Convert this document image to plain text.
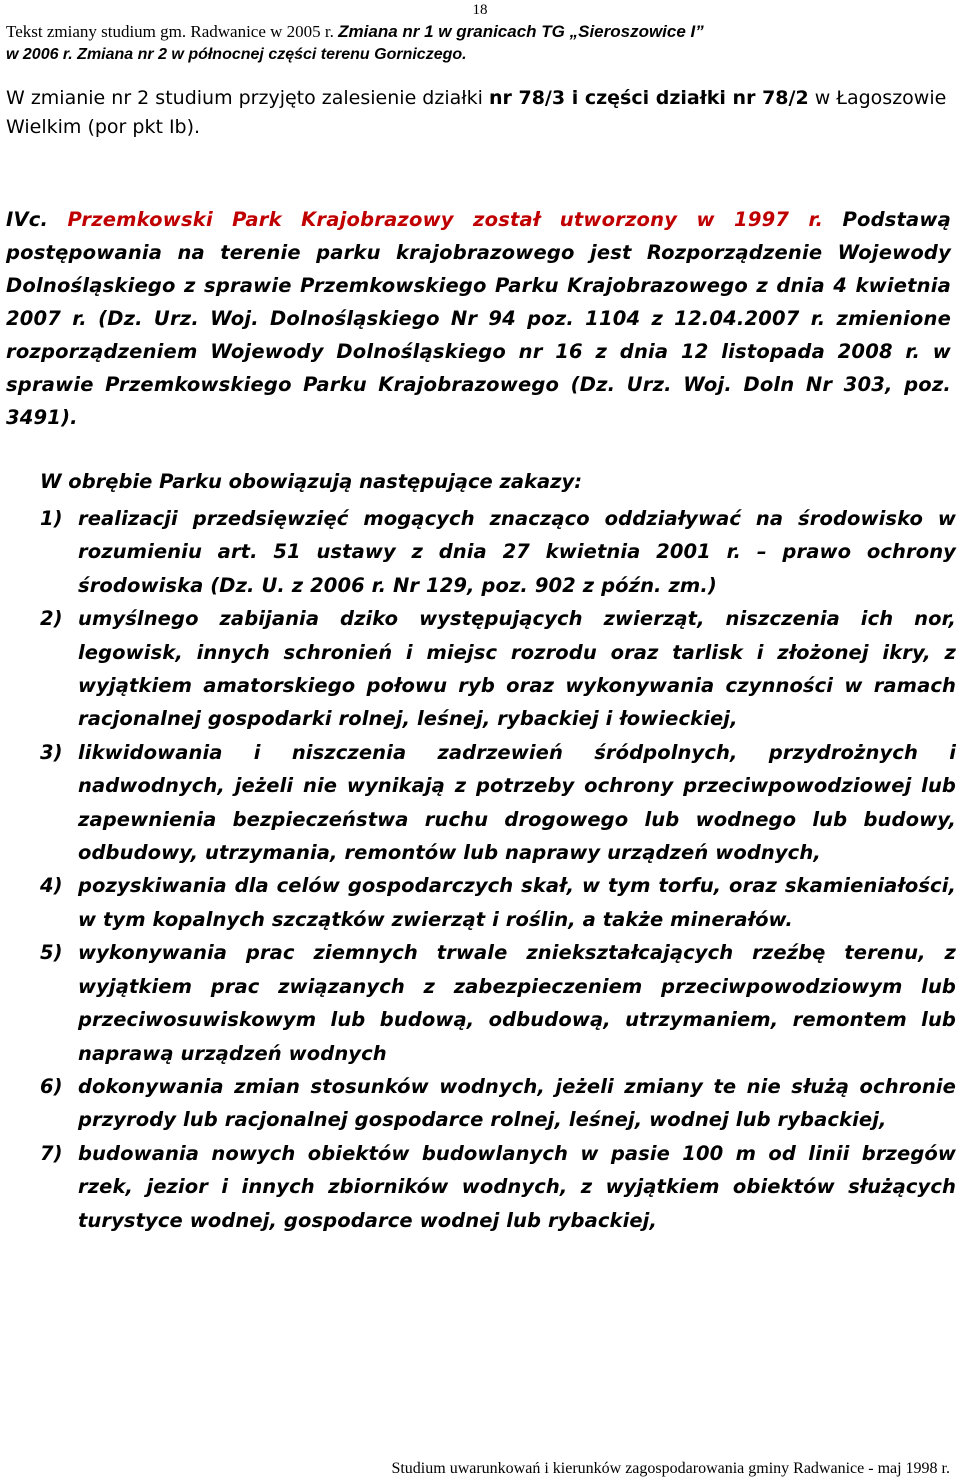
18
Tekst zmiany studium gm. Radwanice w 2005 r. Zmiana nr 1 w granicach TG „Sieroszowice I”
w 2006 r. Zmiana nr 2 w północnej części terenu Gorniczego.
W zmianie nr 2 studium przyjęto zalesienie działki nr 78/3 i części działki nr 78/2 w Łagoszowie Wielkim (por pkt Ib).
IVc. Przemkowski Park Krajobrazowy został utworzony w 1997 r. Podstawą postępowania na terenie parku krajobrazowego jest Rozporządzenie Wojewody Dolnośląskiego z sprawie Przemkowskiego Parku Krajobrazowego z dnia 4 kwietnia 2007 r. (Dz. Urz. Woj. Dolnośląskiego Nr 94 poz. 1104 z 12.04.2007 r. zmienione rozporządzeniem Wojewody Dolnośląskiego nr 16 z dnia 12 listopada 2008 r. w sprawie Przemkowskiego Parku Krajobrazowego (Dz. Urz. Woj. Doln Nr 303, poz. 3491).
W obrębie Parku obowiązują następujące zakazy:
1) realizacji przedsięwzięć mogących znacząco oddziaływać na środowisko w rozumieniu art. 51 ustawy z dnia 27 kwietnia 2001 r. – prawo ochrony środowiska (Dz. U. z 2006 r. Nr 129, poz. 902 z późn. zm.)
2) umyślnego zabijania dziko występujących zwierząt, niszczenia ich nor, legowisk, innych schronień i miejsc rozrodu oraz tarlisk i złożonej ikry, z wyjątkiem amatorskiego połowu ryb oraz wykonywania czynności w ramach racjonalnej gospodarki rolnej, leśnej, rybackiej i łowieckiej,
3) likwidowania i niszczenia zadrzewień śródpolnych, przydrożnych i nadwodnych, jeżeli nie wynikają z potrzeby ochrony przeciwpowodziowej lub zapewnienia bezpieczeństwa ruchu drogowego lub wodnego lub budowy, odbudowy, utrzymania, remontów lub naprawy urządzeń wodnych,
4) pozyskiwania dla celów gospodarczych skał, w tym torfu, oraz skamieniałości, w tym kopalnych szczątków zwierząt i roślin, a także minerałów.
5) wykonywania prac ziemnych trwale zniekształcających rzeźbę terenu, z wyjątkiem prac związanych z zabezpieczeniem przeciwpowodziowym lub przeciwosuwiskowym lub budową, odbudową, utrzymaniem, remontem lub naprawą urządzeń wodnych
6) dokonywania zmian stosunków wodnych, jeżeli zmiany te nie służą ochronie przyrody lub racjonalnej gospodarce rolnej, leśnej, wodnej lub rybackiej,
7) budowania nowych obiektów budowlanych w pasie 100 m od linii brzegów rzek, jezior i innych zbiorników wodnych, z wyjątkiem obiektów służących turystyce wodnej, gospodarce wodnej lub rybackiej,
Studium uwarunkowań i kierunków zagospodarowania gminy Radwanice - maj 1998 r.
